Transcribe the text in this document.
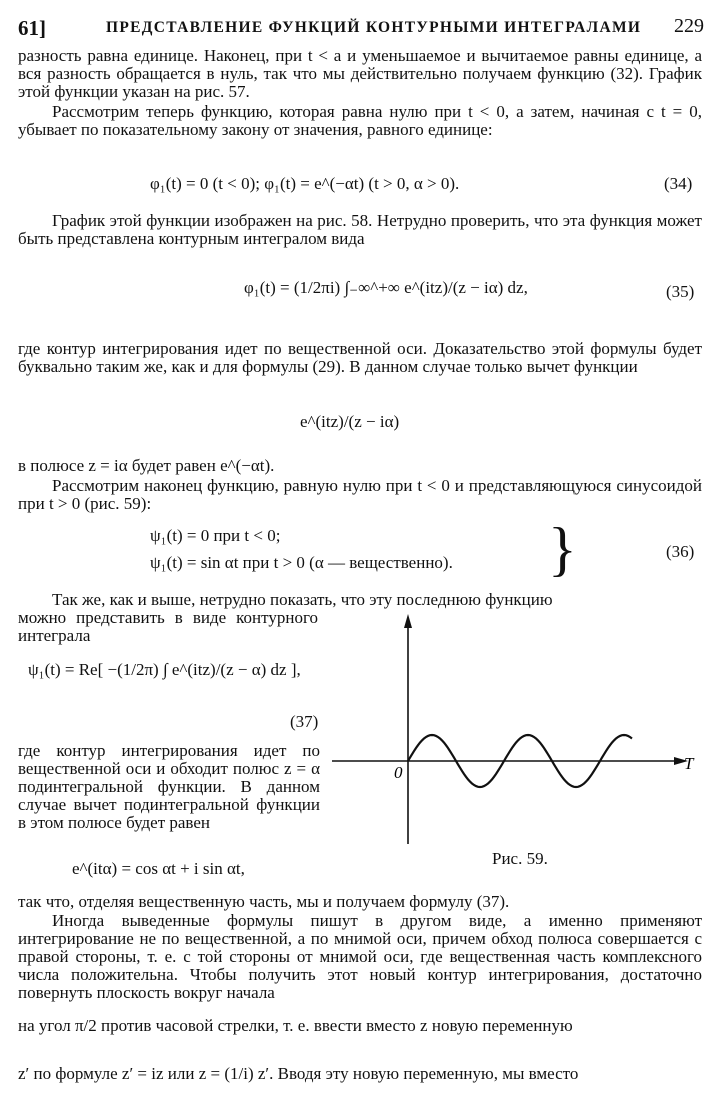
61]	ПРЕДСТАВЛЕНИЕ ФУНКЦИЙ КОНТУРНЫМИ ИНТЕГРАЛАМИ 229

разность равна единице. Наконец, при t < a и уменьшаемое и вычитаемое равны единице, а вся разность обращается в нуль, так что мы действительно получаем функцию (32). График этой функции указан на рис. 57.

Рассмотрим теперь функцию, которая равна нулю при t < 0, а затем, начиная с t = 0, убывает по показательному закону от значения, равного единице:

φ₁(t) = 0 (t < 0); φ₁(t) = e^(−αt) (t > 0, α > 0).	(34)

График этой функции изображен на рис. 58. Нетрудно проверить, что эта функция может быть представлена контурным интегралом вида

φ₁(t) = (1/2πi) ∫₋∞^+∞ e^(itz)/(z − iα) dz,	(35)

где контур интегрирования идет по вещественной оси. Доказательство этой формулы будет буквально таким же, как и для формулы (29). В данном случае только вычет функции

e^(itz)/(z − iα)

в полюсе z = iα будет равен e^(−αt).

Рассмотрим наконец функцию, равную нулю при t < 0 и представляющуюся синусоидой при t > 0 (рис. 59):

ψ₁(t) = 0 при t < 0;
ψ₁(t) = sin αt при t > 0 (α — вещественно). }	(36)

Так же, как и выше, нетрудно показать, что эту последнюю функцию

можно представить в виде контурного интеграла

ψ₁(t) = Re[ −(1/2π) ∫ e^(itz)/(z − α) dz ],
(37)

где контур интегрирования идет по вещественной оси и обходит полюс z = α подинтегральной функции. В данном случае вычет подинтегральной функции в этом полюсе будет равен

e^(itα) = cos αt + i sin αt,
0	T
Рис. 59.

так что, отделяя вещественную часть, мы и получаем формулу (37).

Иногда выведенные формулы пишут в другом виде, а именно применяют интегрирование не по вещественной, а по мнимой оси, причем обход полюса совершается с правой стороны, т. е. с той стороны от мнимой оси, где вещественная часть комплексного числа положительна. Чтобы получить этот новый контур интегрирования, достаточно повернуть плоскость вокруг начала

на угол π/2 против часовой стрелки, т. е. ввести вместо z новую переменную

z′ по формуле z′ = iz или z = (1/i) z′. Вводя эту новую переменную, мы вместо
